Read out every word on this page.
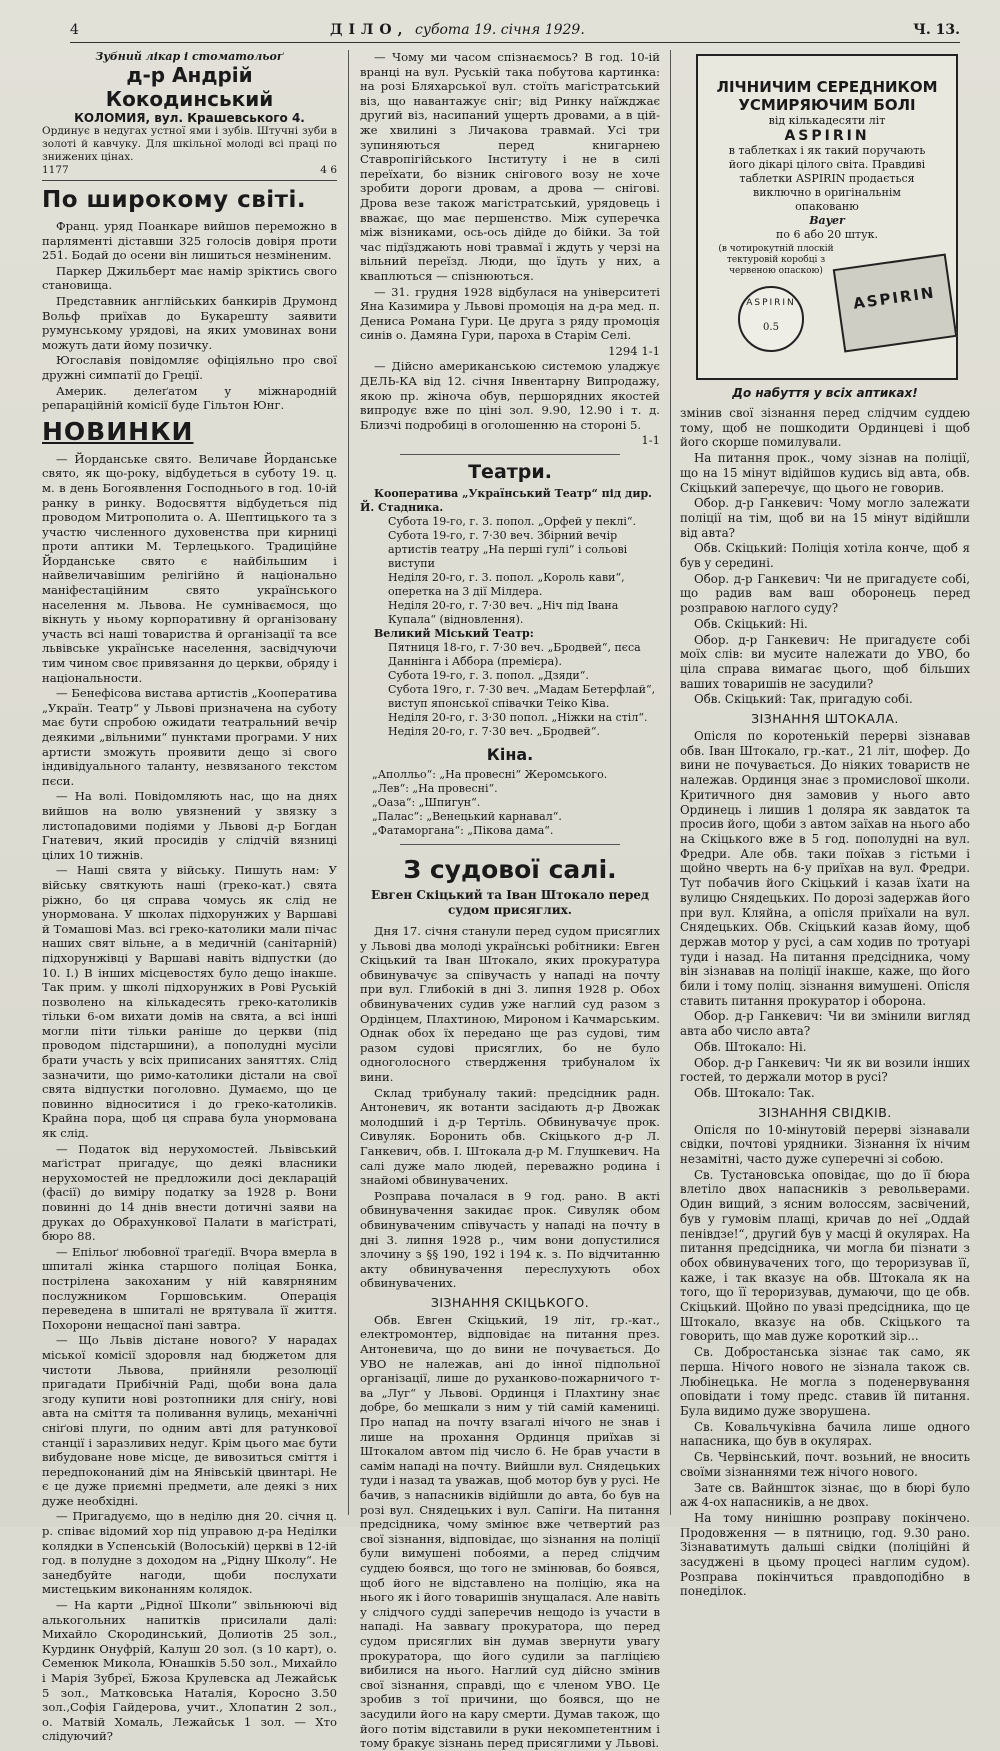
4	ДІЛО, субота 19. січня 1929.	Ч. 13.
Зубний лікар і стоматольоґ
д-р Андрій Кокодинський
КОЛОМИЯ, вул. Крашевського 4.
Ординує в недугах устної ями і зубів. Штучні зуби в золоті й кавчуку. Для шкільної молоді всі праці по знижених цінах.
1177	4 6
По широкому світі.

Франц. уряд Поанкаре вийшов переможно в парляменті діставши 325 голосів довіря проти 251. Бодай до осени він лишиться незміненим.

Паркер Джильберт має намір зріктись свого становища.

Представник англійських банкирів Друмонд Вольф приїхав до Букарешту заявити румунському урядові, на яких умовинах вони можуть дати йому позичку.

Югославія повідомляє офіціяльно про свої дружні симпатії до Греції.

Америк. делеґатом у міжнародній репараційній комісії буде Гільтон Юнг.

НОВИНКИ

— Йорданське свято. Величаве Йорданське свято, як що-року, відбудеться в суботу 19. ц. м. в день Богоявлення Господнього в год. 10-ій ранку в ринку. Водосвяття відбудеться під проводом Митрополита о. А. Шептицького та з участю численного духовенства при кирниці проти аптики М. Терлецького. Традиційне Йорданське свято є найбільшим і найвеличавішим релігійно й національно маніфестаційним свято українського населення м. Львова. Не сумніваємося, що вікнуть у ньому корпоративну й організовану участь всі наші товариства й організації та все львівське українське населення, засвідчуючи тим чином своє привязання до церкви, обряду і національности.

— Бенефісова вистава артистів „Кооператива „Україн. Театр“ у Львові призначена на суботу має бути спробою ожидати театральний вечір деякими „вільними“ пунктами програми. У них артисти зможуть проявити дещо зі свого індивідуального таланту, незвязаного текстом пєси.

— На волі. Повідомляють нас, що на днях вийшов на волю увязнений у звязку з листопадовими подіями у Львові д-р Богдан Гнатевич, який просидів у слідчій вязниці цілих 10 тижнів.

— Наші свята у війську. Пишуть нам: У війську святкують наші (греко-кат.) свята ріжно, бо ця справа чомусь як слід не унормована. У школах підхорунжих у Варшаві й Томашові Маз. всі греко-католики мали пічас наших свят вільне, а в медичній (санітарній) підхорунжівці у Варшаві навіть відпустки (до 10. І.) В інших місцевостях було дещо інакше. Так прим. у школі підхорунжих в Рові Руській позволено на кількадесять греко-католиків тільки 6-ом вихати домів на свята, а всі інші могли піти тільки раніше до церкви (під проводом підстаршини), а пополудні мусіли брати участь у всіх приписаних заняттях. Слід зазначити, що римо-католики дістали на свої свята відпустки поголовно. Думаємо, що це повинно відноситися і до греко-католиків. Крайна пора, щоб ця справа була унормована як слід.

— Податок від нерухомостей. Львівський маґістрат пригадує, що деякі власники нерухомостей не предложили досі декларацій (фасії) до виміру податку за 1928 р. Вони повинні до 14 днів внести дотичні заяви на друках до Обрахункової Палати в маґістраті, бюро 88.

— Епільоґ любовної траґедії. Вчора вмерла в шпиталі жінка старшого поліцая Бонка, пострілена закоханим у ній кавярняним послужником Горшовським. Операція переведена в шпиталі не врятувала її життя. Похорони нещасної пані завтра.

— Що Львів дістане нового? У нарадах міської комісії здоровля над бюджетом для чистоти Львова, прийняли резолюції пригадати Прибічній Раді, щоби вона дала згоду купити нові розтопники для сніґу, нові авта на сміття та поливання вулиць, механічні сніґові плуги, по одним авті для ратункової станції і заразливих недуг. Крім цього має бути вибудоване нове місце, де вивозиться сміття і передпоконаний дім на Янівській цвинтарі. Не є це дуже приємні предмети, але деякі з них дуже необхідні.

— Пригадуємо, що в неділю дня 20. січня ц. р. співає відомий хор під управою д-ра Неділки колядки в Успенській (Волоській) церкві в 12-ій год. в полудне з доходом на „Рідну Школу“. Не занедбуйте нагоди, щоби послухати мистецьким виконанням колядок.

— На карти „Рідної Школи“ звільнюючі від алькогольних напитків присилали далі: Михайло Скородинський, Долиотів 25 зол., Курдинк Онуфрій, Калуш 20 зол. (з 10 карт), о. Семенюк Микола, Юнашків 5.50 зол., Михайло і Марія Зубрєї, Бжоза Крулевска ад Лежайськ 5 зол., Матковська Наталія, Коросно 3.50 зол.,Софія Гайдерова, учит., Хлопатин 2 зол., о. Матвій Хомаль, Лежайськ 1 зол. — Хто слідуючий?

— Чому ми часом спізнаємось? В год. 10-ій вранці на вул. Руській така побутова картинка: на розі Бляхарської вул. стоїть магістратський віз, що навантажує сніг; від Ринку наїжджає другий віз, насипаний ущерть дровами, а в цій-же хвилині з Личакова травмай. Усі три зупиняються перед книгарнею Ставропігійського Інституту і не в силі переїхати, бо візник снігового возу не хоче зробити дороги дровам, а дрова — снігові. Дрова везе також магістратський, урядовець і вважає, що має першенство. Між суперечка між візниками, ось-ось дійде до бійки. За той час підїзджають нові травмаї і ждуть у черзі на вільний переїзд. Люди, що їдуть у них, а кваплються — спізнюються.

— 31. грудня 1928 відбулася на університеті Яна Казимира у Львові промоція на д-ра мед. п. Дениса Романа Гури. Це друга з ряду промоція синів о. Дамяна Гури, пароха в Старім Селі.

1294 1-1

— Дійсно американською системою уладжує ДЕЛЬ-КА від 12. січня Інвентарну Випродажу, якою пр. жіноча обув, першорядних якостей випродує вже по ціні зол. 9.90, 12.90 і т. д. Близчі подробиці в оголошенню на стороні 5.

1-1

Театри.
Кооператива „Український Театр“ під дир. Й. Стадника.
Субота 19-го, г. 3. попол. „Орфей у пеклі“.
Субота 19-го, г. 7·30 веч. Збірний вечір артистів театру „На перші гулі“ і сольові виступи
Неділя 20-го, г. 3. попол. „Король кави“, оперетка на 3 дії Мілдера.
Неділя 20-го, г. 7·30 веч. „Ніч під Івана Купала“ (відновлення).
Великий Міський Театр:
Пятниця 18-го, г. 7·30 веч. „Бродвей“, пєса Даннінга і Аббора (премієра).
Субота 19-го, г. 3. попол. „Дзяди“.
Субота 19го, г. 7·30 веч. „Мадам Бетерфлай“, виступ японської співачки Теіко Ківа.
Неділя 20-го, г. 3·30 попол. „Ніжки на стіл“.
Неділя 20-го, г. 7·30 веч. „Бродвей“.
Кіна.
„Аполльо“: „На провесні“ Жеромського.
„Лев“: „На провесні“.
„Оаза“: „Шпигун“.
„Палас“: „Венецький карнавал“.
„Фатаморгана“: „Пікова дама“.
З судової салі.
Евген Скіцький та Іван Штокало перед судом присяглих.

Дня 17. січня станули перед судом присяглих у Львові два молоді українські робітники: Евген Скіцький та Іван Штокало, яких прокуратура обвинувачує за співучасть у нападі на почту при вул. Глибокій в дні 3. липня 1928 р. Обох обвинувачених судив уже наглий суд разом з Ордінцем, Плахтиною, Мироном і Качмарським. Однак обох їх передано ще раз судові, тим разом судові присяглих, бо не було одноголосного ствердження трибуналом їх вини.

Склад трибуналу такий: предсідник радн. Антоневич, як вотанти засідають д-р Двожак молодший і д-р Тертіль. Обвинувачує прок. Сивуляк. Боронить обв. Скіцького д-р Л. Ганкевич, обв. І. Штокала д-р М. Глушкевич. На салі дуже мало людей, переважно родина і знайомі обвинувачених.

Розправа почалася в 9 год. рано. В акті обвинувачення закидає прок. Сивуляк обом обвинуваченим співучасть у нападі на почту в дні 3. липня 1928 р., чим вони допустилися злочину з §§ 190, 192 і 194 к. з. По відчитанню акту обвинувачення переслухують обох обвинувачених.

ЗІЗНАННЯ СКІЦЬКОГО.

Обв. Евген Скіцький, 19 літ, гр.-кат., електромонтер, відповідає на питання през. Антоневича, що до вини не почувається. До УВО не належав, ані до інної підпольної організації, лише до руханково-пожарничого т-ва „Луг“ у Львові. Ординця і Плахтину знає добре, бо мешкали з ним у тій самій камениці. Про напад на почту взагалі нічого не знав і лише на прохання Ординця приїхав зі Штокалом автом під число 6. Не брав участи в самім нападі на почту. Вийшли вул. Снядецьких туди і назад та уважав, щоб мотор був у русі. Не бачив, з напасників відійшли до авта, бо був на розі вул. Снядецьких і вул. Сапіги. На питання предсідника, чому змінює вже четвертий раз свої зізнання, відповідає, що зізнання на поліції були вимушені побоями, а перед слідчим суддею боявся, що того не змінював, бо боявся, щоб його не відставлено на поліцію, яка на нього як і його товаришів знущалася. Але навіть у слідчого судді заперечив нещодо із участи в нападі. На заввагу прокуратора, що перед судом присяглих він думав звернути увагу прокуратора, що його судили за пагліцією вибилися на нього. Наглий суд дійсно змінив свої зізнання, справді, що є членом УВО. Це зробив з тої причини, що боявся, що не засудили його на кару смерти. Думав також, що його потім відставили в руки некомпетентним і тому бракує зізнань перед присяглими у Львові.

ЛІЧНИЧИМ СЕРЕДНИКОМ
УСМИРЯЮЧИМ БОЛІ
від кількадесяти літ
ASPIRIN
в таблетках і як такий поручають його дікарі цілого світа. Правдиві таблетки ASPIRIN продається виключно в оригінальнім опакованю
Bayer
по 6 або 20 штук.
(в чотирокутній плоскій тектуровій коробці з червеною опаскою)
ASPIRIN
ASPIRIN
0.5
До набуття у всіх аптиках!

змінив свої зізнання перед слідчим суддею тому, щоб не пошкодити Ординцеві і щоб його скорше помилували.

На питання прок., чому зізнав на поліції, що на 15 мінут відійшов кудись від авта, обв. Скіцький заперечує, що цього не говорив.

Обор. д-р Ганкевич: Чому могло залежати поліції на тім, щоб ви на 15 мінут відійшли від авта?

Обв. Скіцький: Поліція хотіла конче, щоб я був у середині.

Обор. д-р Ганкевич: Чи не пригадуєте собі, що радив вам ваш оборонець перед розправою наглого суду?

Обв. Скіцький: Ні.

Обор. д-р Ганкевич: Не пригадуєте собі моїх слів: ви мусите належати до УВО, бо ціла справа вимагає цього, щоб більших ваших товаришів не засудили?

Обв. Скіцький: Так, пригадую собі.

ЗІЗНАННЯ ШТОКАЛА.

Опісля по коротенькій перерві зізнавав обв. Іван Штокало, гр.-кат., 21 літ, шофер. До вини не почувається. До ніяких товариств не належав. Ординця знає з промислової школи. Критичного дня замовив у нього авто Ординець і лишив 1 доляра як завдаток та просив його, щоби з автом заїхав на нього або на Скіцького вже в 5 год. пополудні на вул. Фредри. Але обв. таки поїхав з гістьми і щойно чверть на 6-у приїхав на вул. Фредри. Тут побачив його Скіцький і казав їхати на вулицю Снядецьких. По дорозі задержав його при вул. Кляйна, а опісля приїхали на вул. Снядецьких. Обв. Скіцький казав йому, щоб держав мотор у русі, а сам ходив по тротуарі туди і назад. На питання предсідника, чому він зізнавав на поліції інакше, каже, що його били і тому поліц. зізнання вимушені. Опісля ставить питання прокуратор і оборона.

Обор. д-р Ганкевич: Чи ви змінили вигляд авта або число авта?

Обв. Штокало: Ні.

Обор. д-р Ганкевич: Чи як ви возили інших гостей, то держали мотор в русі?

Обв. Штокало: Так.

ЗІЗНАННЯ СВІДКІВ.

Опісля по 10-мінутовій перерві зізнавали свідки, почтові урядники. Зізнання їх нічим незамітні, часто дуже суперечні зі собою.

Св. Тустановська оповідає, що до її бюра влетіло двох напасників з револьверами. Один вищий, з ясним волоссям, засвічений, був у гумовім плащі, кричав до неї „Оддай пенівдзе!“, другий був у масці й окулярах. На питання предсідника, чи могла би пізнати з обох обвинувачених того, що тероризував її, каже, і так вказує на обв. Штокала як на того, що її тероризував, думаючи, що це обв. Скіцький. Щойно по увазі предсідника, що це Штокало, вказує на обв. Скіцького та говорить, що мав дуже короткий зір...

Св. Добростанська зізнає так само, як перша. Нічого нового не зізнала також св. Любінецька. Не могла з поденервування оповідати і тому предс. ставив їй питання. Була видимо дуже зворушена.

Св. Ковальчуківна бачила лише одного напасника, що був в окулярах.

Св. Червінський, почт. возьний, не вносить своїми зізнаннями теж нічого нового.

Зате св. Вайншток зізнає, що в бюрі було аж 4-ох напасників, а не двох.

На тому нинішню розправу покінчено. Продовження — в пятницю, год. 9.30 рано. Зізнаватимуть дальші свідки (поліційні й засуджені в цьому процесі наглим судом). Розправа покінчиться правдоподібно в понеділок.
